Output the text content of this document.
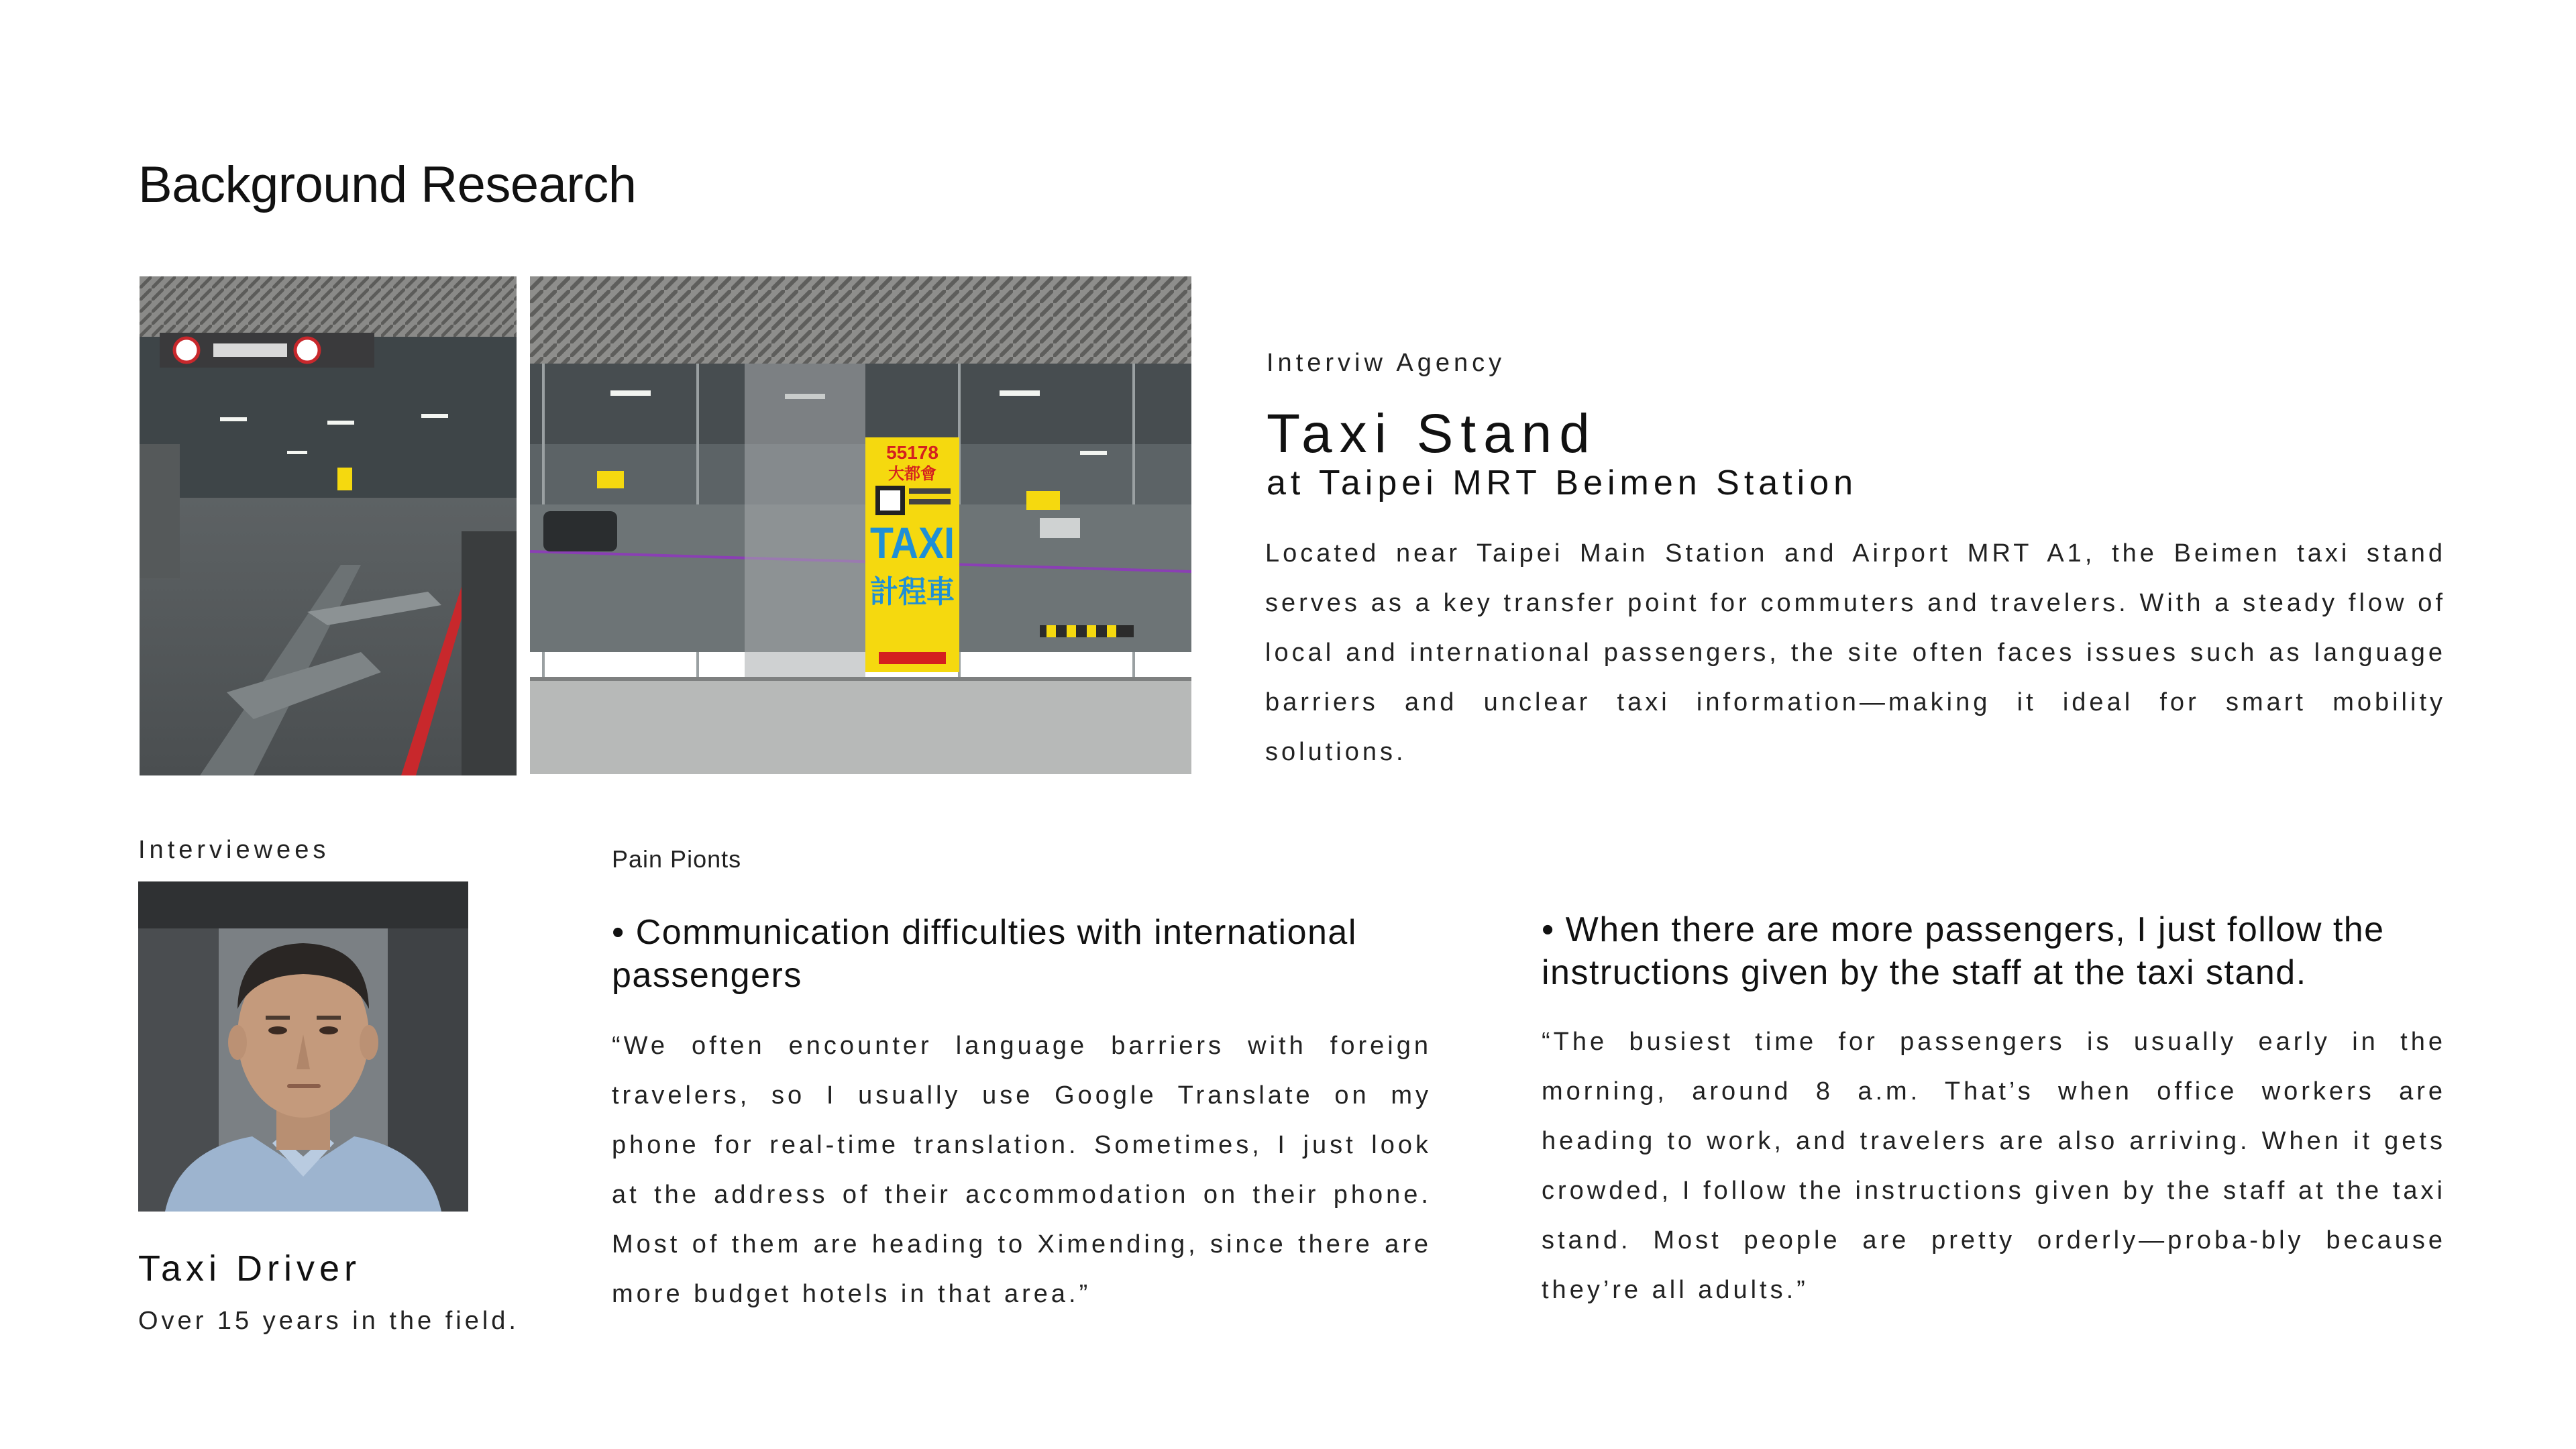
Background Research
55178
大都會
TAXI
計程車
Interviw Agency
Taxi Stand
at Taipei MRT Beimen Station
Located near Taipei Main Station and Airport MRT A1, the Beimen taxi stand serves as a key transfer point for commuters and travelers. With a steady flow of local and international passengers, the site often faces issues such as language barriers and unclear taxi information—making it ideal for smart mobility solutions.
Interviewees
Taxi Driver
Over 15 years in the field.
Pain Pionts
• Communication difficulties with international passengers
“We often encounter language barriers with foreign travelers, so I usually use Google Translate on my phone for real-time translation. Sometimes, I just look at the address of their accommodation on their phone. Most of them are heading to Ximending, since there are more budget hotels in that area.”
• When there are more passengers, I just follow the instructions given by the staff at the taxi stand.
“The busiest time for passengers is usually early in the morning, around 8 a.m. That’s when office workers are heading to work, and travelers are also arriving. When it gets crowded, I follow the instructions given by the staff at the taxi stand. Most people are pretty orderly—proba-bly because they’re all adults.”
